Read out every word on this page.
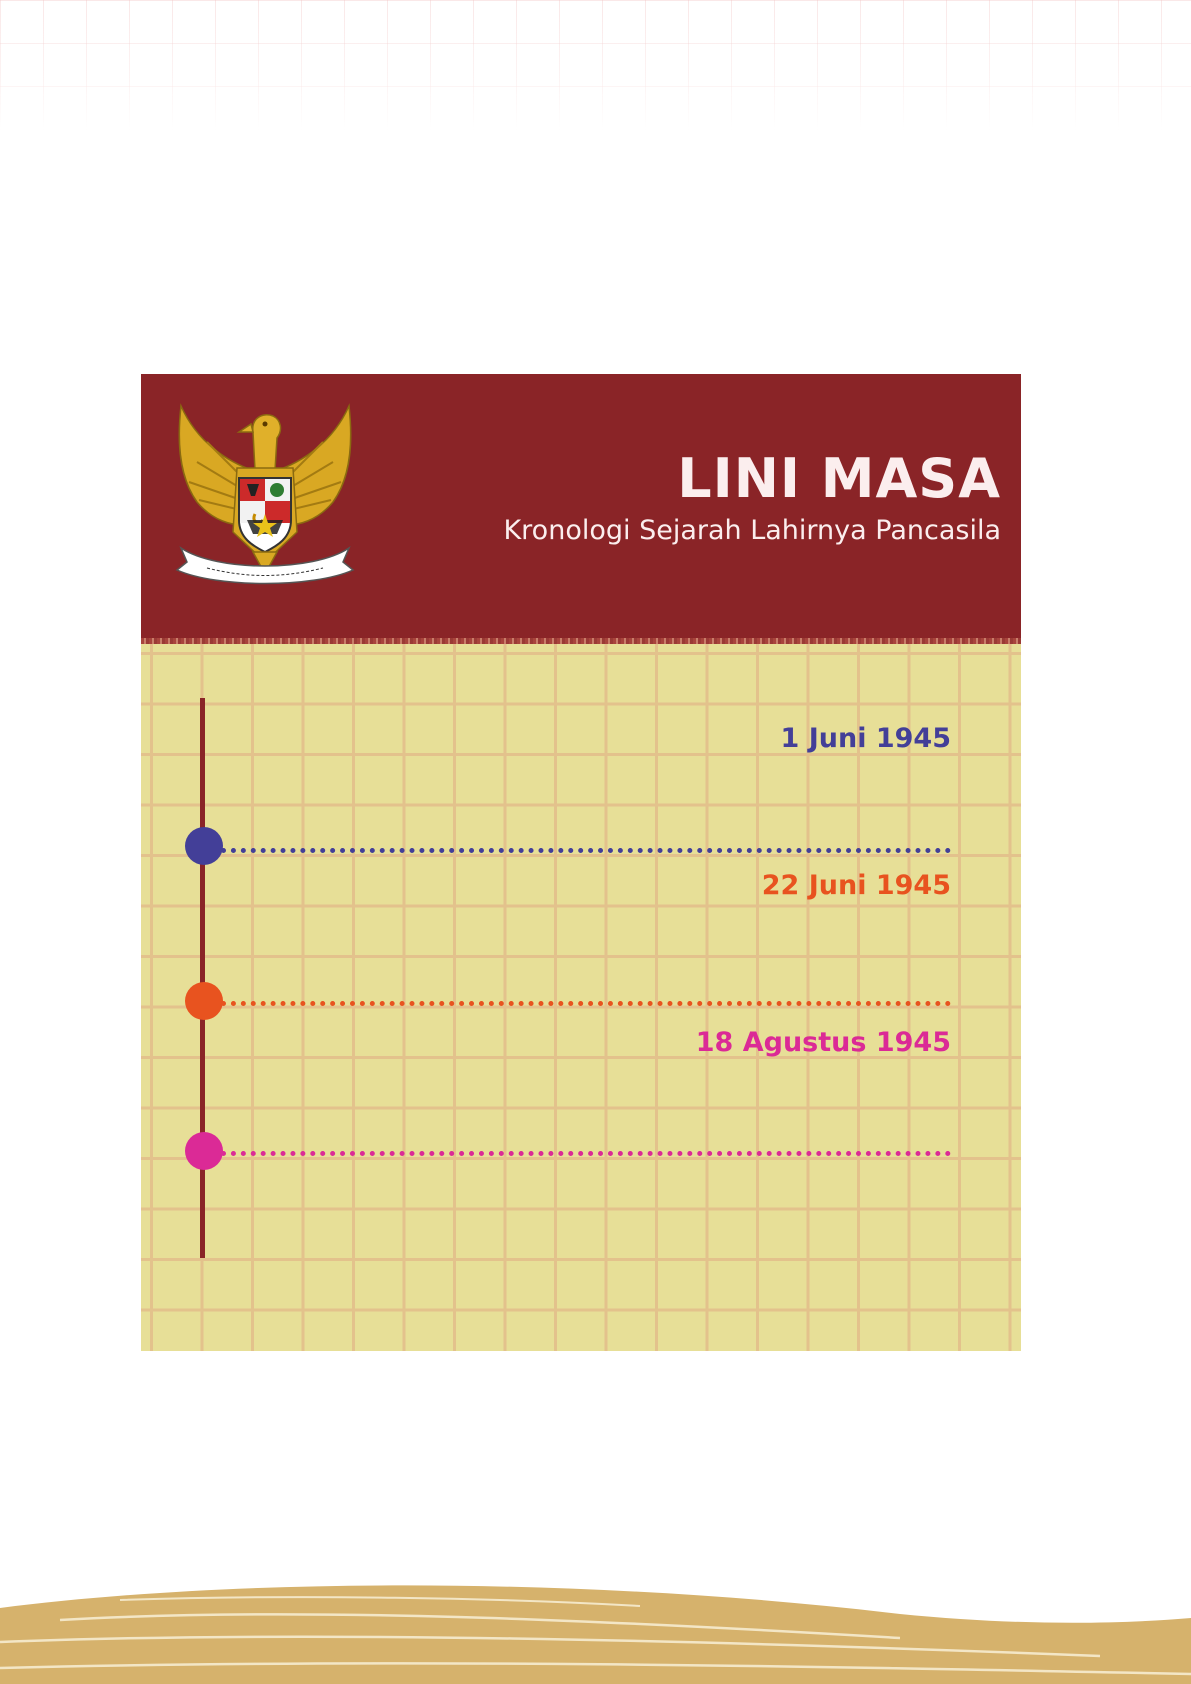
LINI MASA
Kronologi Sejarah Lahirnya Pancasila
1 Juni 1945
22 Juni 1945
18 Agustus 1945
